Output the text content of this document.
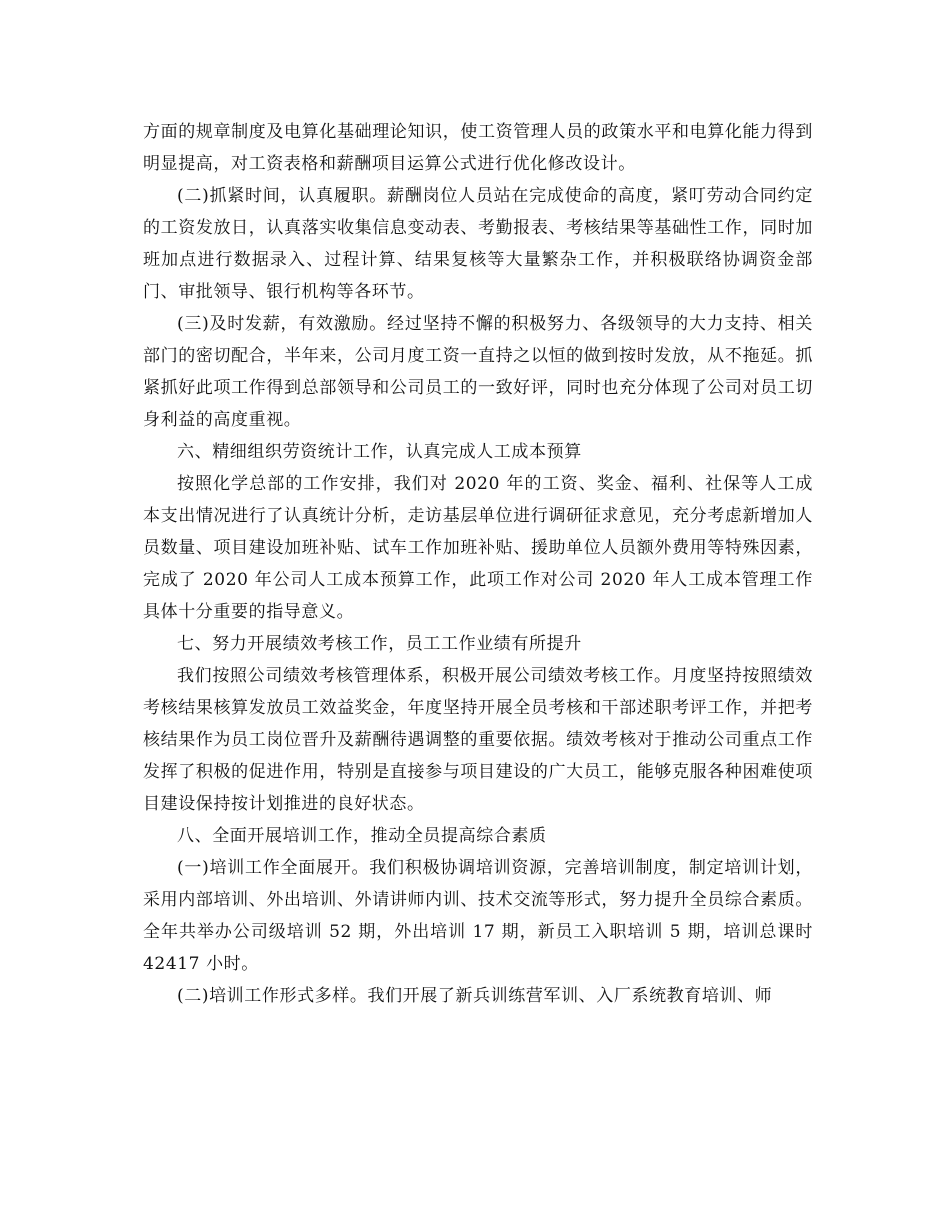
方面的规章制度及电算化基础理论知识，使工资管理人员的政策水平和电算化能力得到明显提高，对工资表格和薪酬项目运算公式进行优化修改设计。

(二)抓紧时间，认真履职。薪酬岗位人员站在完成使命的高度，紧叮劳动合同约定的工资发放日，认真落实收集信息变动表、考勤报表、考核结果等基础性工作，同时加班加点进行数据录入、过程计算、结果复核等大量繁杂工作，并积极联络协调资金部门、审批领导、银行机构等各环节。

(三)及时发薪，有效激励。经过坚持不懈的积极努力、各级领导的大力支持、相关部门的密切配合，半年来，公司月度工资一直持之以恒的做到按时发放，从不拖延。抓紧抓好此项工作得到总部领导和公司员工的一致好评，同时也充分体现了公司对员工切身利益的高度重视。

六、精细组织劳资统计工作，认真完成人工成本预算

按照化学总部的工作安排，我们对 2020 年的工资、奖金、福利、社保等人工成本支出情况进行了认真统计分析，走访基层单位进行调研征求意见，充分考虑新增加人员数量、项目建设加班补贴、试车工作加班补贴、援助单位人员额外费用等特殊因素，完成了 2020 年公司人工成本预算工作，此项工作对公司 2020 年人工成本管理工作具体十分重要的指导意义。

七、努力开展绩效考核工作，员工工作业绩有所提升

我们按照公司绩效考核管理体系，积极开展公司绩效考核工作。月度坚持按照绩效考核结果核算发放员工效益奖金，年度坚持开展全员考核和干部述职考评工作，并把考核结果作为员工岗位晋升及薪酬待遇调整的重要依据。绩效考核对于推动公司重点工作发挥了积极的促进作用，特别是直接参与项目建设的广大员工，能够克服各种困难使项目建设保持按计划推进的良好状态。

八、全面开展培训工作，推动全员提高综合素质

(一)培训工作全面展开。我们积极协调培训资源，完善培训制度，制定培训计划，采用内部培训、外出培训、外请讲师内训、技术交流等形式，努力提升全员综合素质。全年共举办公司级培训 52 期，外出培训 17 期，新员工入职培训 5 期，培训总课时 42417 小时。

(二)培训工作形式多样。我们开展了新兵训练营军训、入厂系统教育培训、师
